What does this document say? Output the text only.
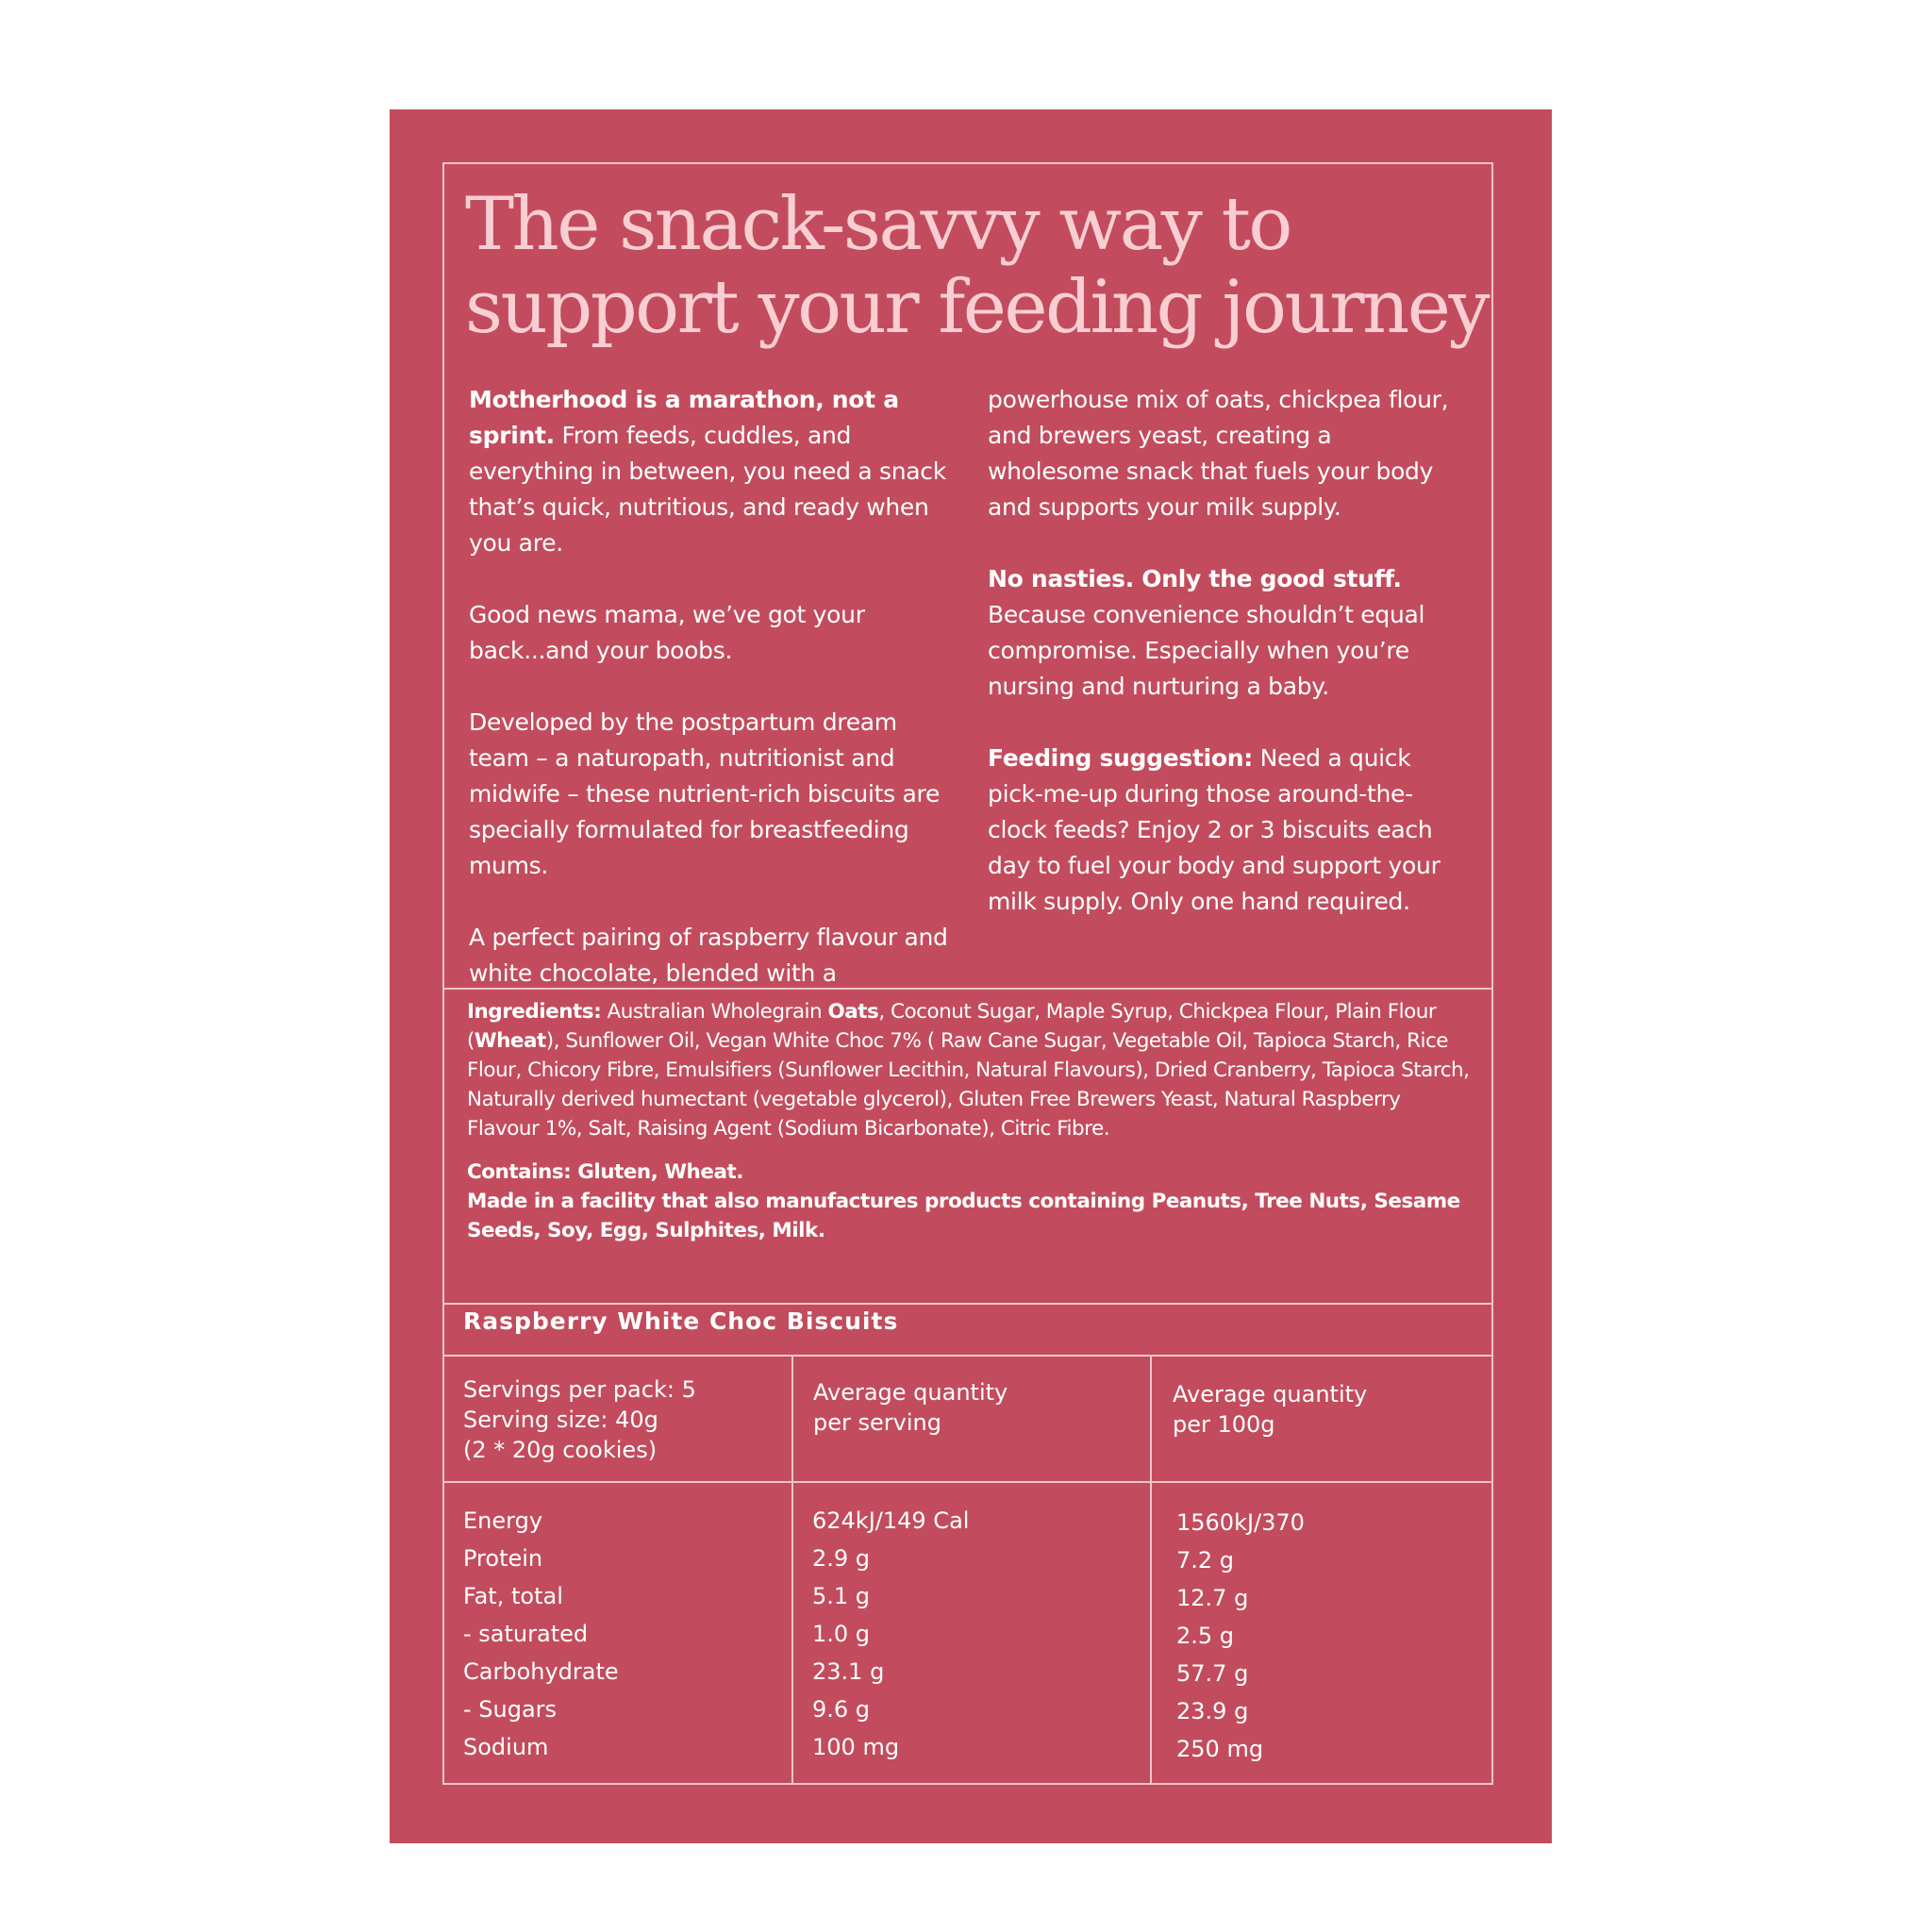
The snack-savvy way to
support your feeding journey

Motherhood is a marathon, not a sprint. From feeds, cuddles, and everything in between, you need a snack that’s quick, nutritious, and ready when you are.

Good news mama, we’ve got your back...and your boobs.

Developed by the postpartum dream team – a naturopath, nutritionist and midwife – these nutrient-rich biscuits are specially formulated for breastfeeding mums.

A perfect pairing of raspberry flavour and white chocolate, blended with a

powerhouse mix of oats, chickpea flour, and brewers yeast, creating a wholesome snack that fuels your body and supports your milk supply.

No nasties. Only the good stuff. Because convenience shouldn’t equal compromise. Especially when you’re nursing and nurturing a baby.

Feeding suggestion: Need a quick pick-me-up during those around-the-clock feeds? Enjoy 2 or 3 biscuits each day to fuel your body and support your milk supply. Only one hand required.

Ingredients: Australian Wholegrain Oats, Coconut Sugar, Maple Syrup, Chickpea Flour, Plain Flour (Wheat), Sunflower Oil, Vegan White Choc 7% ( Raw Cane Sugar, Vegetable Oil, Tapioca Starch, Rice Flour, Chicory Fibre, Emulsifiers (Sunflower Lecithin, Natural Flavours), Dried Cranberry, Tapioca Starch, Naturally derived humectant (vegetable glycerol), Gluten Free Brewers Yeast, Natural Raspberry Flavour 1%, Salt, Raising Agent (Sodium Bicarbonate), Citric Fibre.

Contains: Gluten, Wheat.
Made in a facility that also manufactures products containing Peanuts, Tree Nuts, Sesame Seeds, Soy, Egg, Sulphites, Milk.

Raspberry White Choc Biscuits
Servings per pack: 5
Serving size: 40g
(2 * 20g cookies)
Average quantity
per serving
Average quantity
per 100g
Energy
Protein
Fat, total
- saturated
Carbohydrate
- Sugars
Sodium
624kJ/149 Cal
2.9 g
5.1 g
1.0 g
23.1 g
9.6 g
100 mg
1560kJ/370
7.2 g
12.7 g
2.5 g
57.7 g
23.9 g
250 mg
